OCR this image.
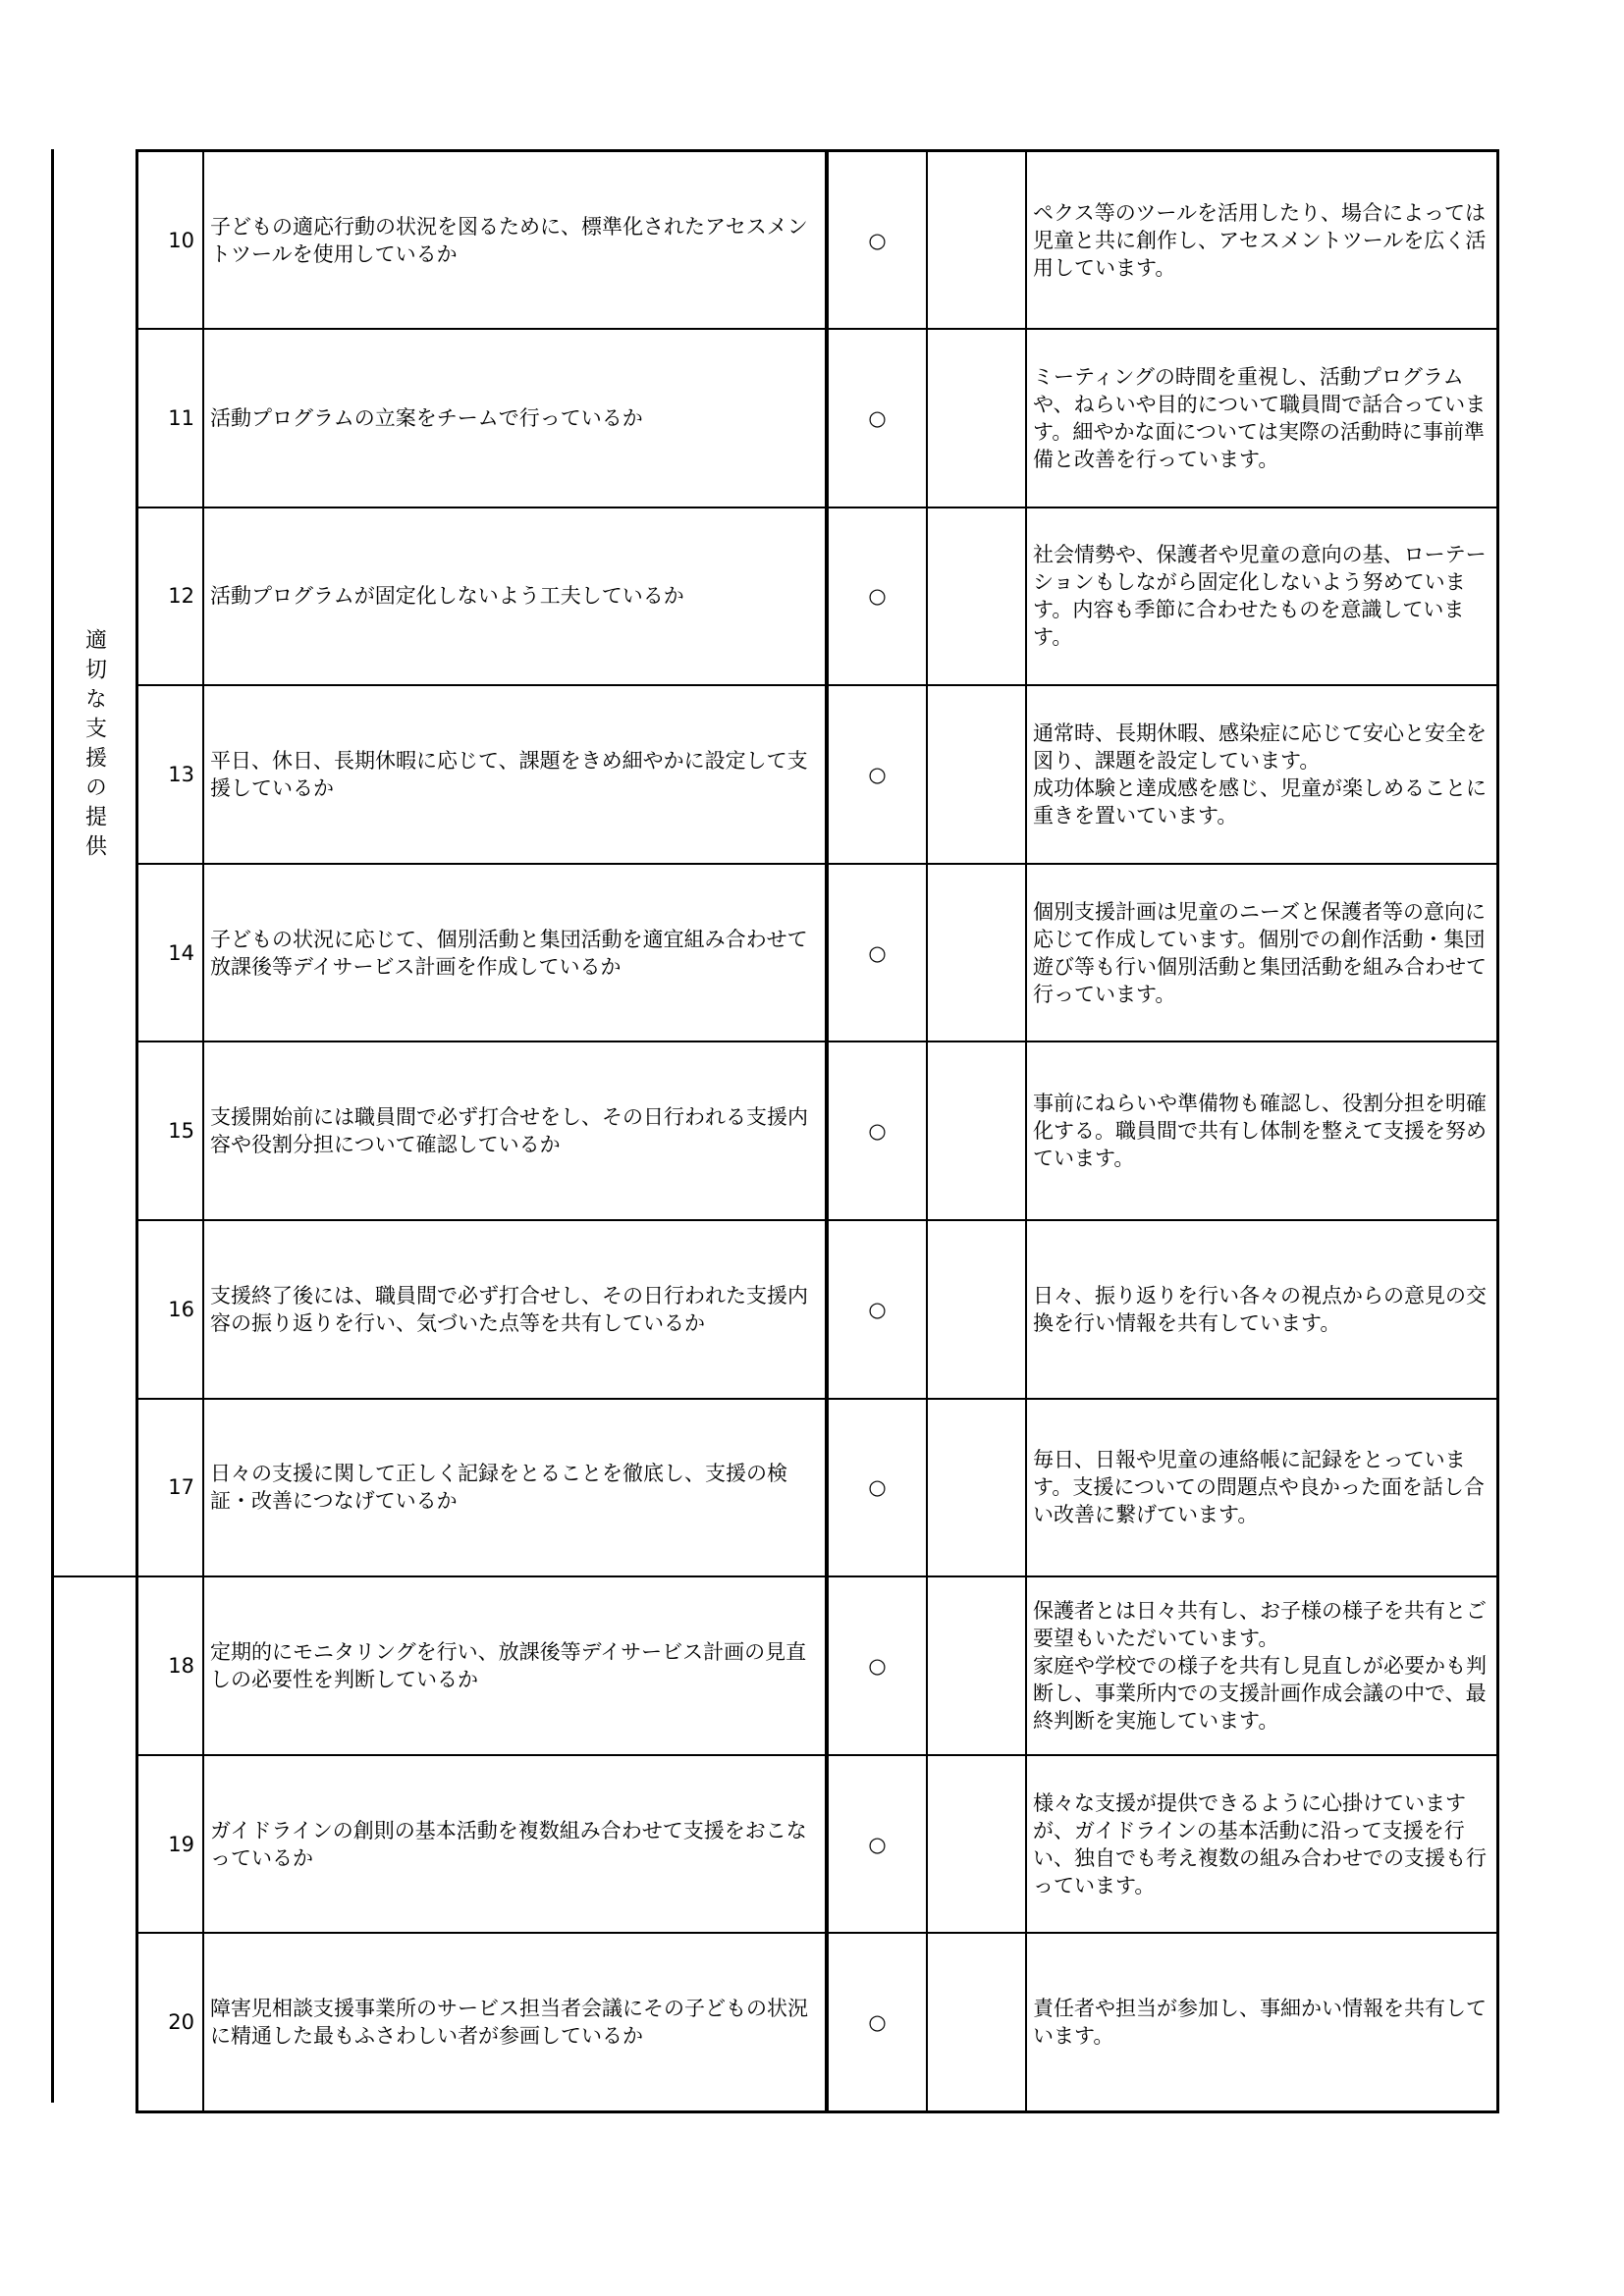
適切な支援の提供
10	子どもの適応行動の状況を図るために、標準化されたアセスメントツールを使用しているか	○		ペクス等のツールを活用したり、場合によっては児童と共に創作し、アセスメントツールを広く活用しています。
11	活動プログラムの立案をチームで行っているか	○		ミーティングの時間を重視し、活動プログラムや、ねらいや目的について職員間で話合っています。細やかな面については実際の活動時に事前準備と改善を行っています。
12	活動プログラムが固定化しないよう工夫しているか	○		社会情勢や、保護者や児童の意向の基、ローテーションもしながら固定化しないよう努めています。内容も季節に合わせたものを意識しています。
13	平日、休日、長期休暇に応じて、課題をきめ細やかに設定して支援しているか	○		通常時、長期休暇、感染症に応じて安心と安全を図り、課題を設定しています。
成功体験と達成感を感じ、児童が楽しめることに重きを置いています。
14	子どもの状況に応じて、個別活動と集団活動を適宜組み合わせて放課後等デイサービス計画を作成しているか	○		個別支援計画は児童のニーズと保護者等の意向に応じて作成しています。個別での創作活動・集団遊び等も行い個別活動と集団活動を組み合わせて行っています。
15	支援開始前には職員間で必ず打合せをし、その日行われる支援内容や役割分担について確認しているか	○		事前にねらいや準備物も確認し、役割分担を明確化する。職員間で共有し体制を整えて支援を努めています。
16	支援終了後には、職員間で必ず打合せし、その日行われた支援内容の振り返りを行い、気づいた点等を共有しているか	○		日々、振り返りを行い各々の視点からの意見の交換を行い情報を共有しています。
17	日々の支援に関して正しく記録をとることを徹底し、支援の検証・改善につなげているか	○		毎日、日報や児童の連絡帳に記録をとっています。支援についての問題点や良かった面を話し合い改善に繋げています。
18	定期的にモニタリングを行い、放課後等デイサービス計画の見直しの必要性を判断しているか	○		保護者とは日々共有し、お子様の様子を共有とご要望もいただいています。
家庭や学校での様子を共有し見直しが必要かも判断し、事業所内での支援計画作成会議の中で、最終判断を実施しています。
19	ガイドラインの創則の基本活動を複数組み合わせて支援をおこなっているか	○		様々な支援が提供できるように心掛けていますが、ガイドラインの基本活動に沿って支援を行い、独自でも考え複数の組み合わせでの支援も行っています。
20	障害児相談支援事業所のサービス担当者会議にその子どもの状況に精通した最もふさわしい者が参画しているか	○		責任者や担当が参加し、事細かい情報を共有しています。
